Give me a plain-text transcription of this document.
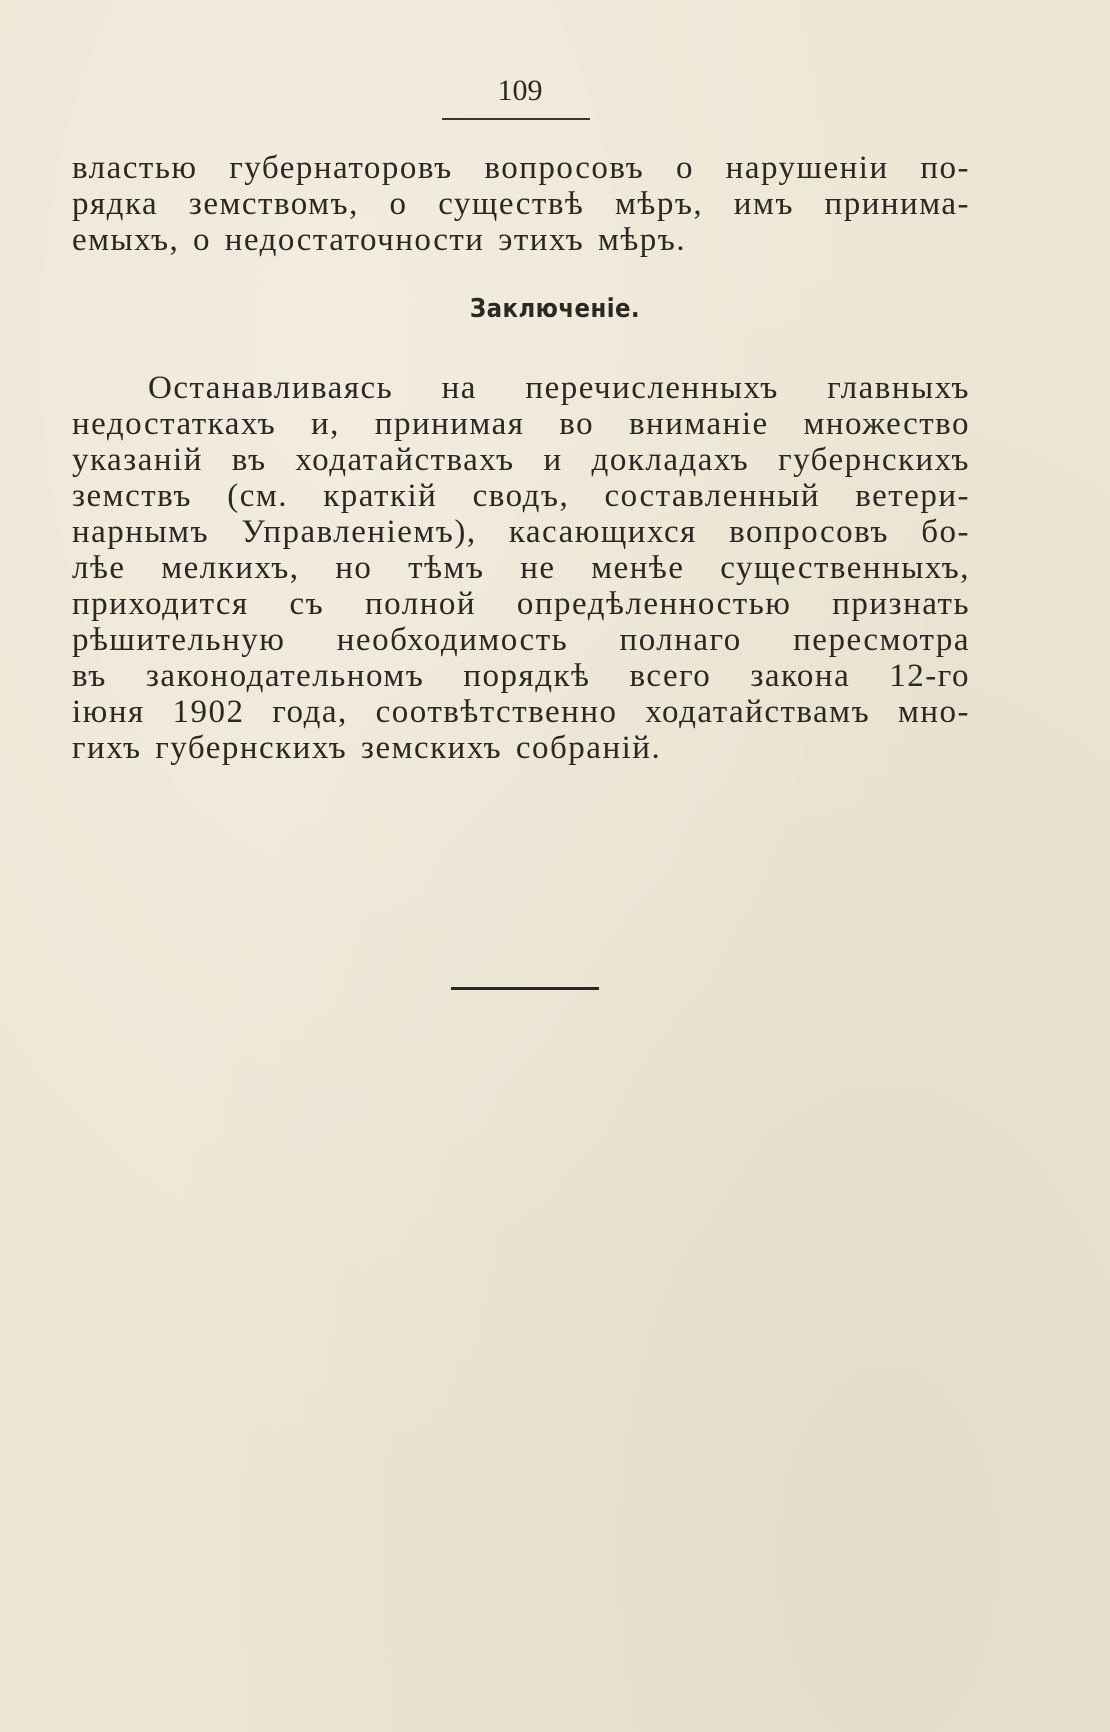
109
властью губернаторовъ вопросовъ о нарушеніи по-
рядка земствомъ, о существѣ мѣръ, имъ принима-
емыхъ, о недостаточности этихъ мѣръ.
Заключеніе.
Останавливаясь на перечисленныхъ главныхъ
недостаткахъ и, принимая во вниманіе множество
указаній въ ходатайствахъ и докладахъ губернскихъ
земствъ (см. краткій сводъ, составленный ветери-
нарнымъ Управленіемъ), касающихся вопросовъ бо-
лѣе мелкихъ, но тѣмъ не менѣе существенныхъ,
приходится съ полной опредѣленностью признать
рѣшительную необходимость полнаго пересмотра
въ законодательномъ порядкѣ всего закона 12-го
іюня 1902 года, соотвѣтственно ходатайствамъ мно-
гихъ губернскихъ земскихъ собраній.
